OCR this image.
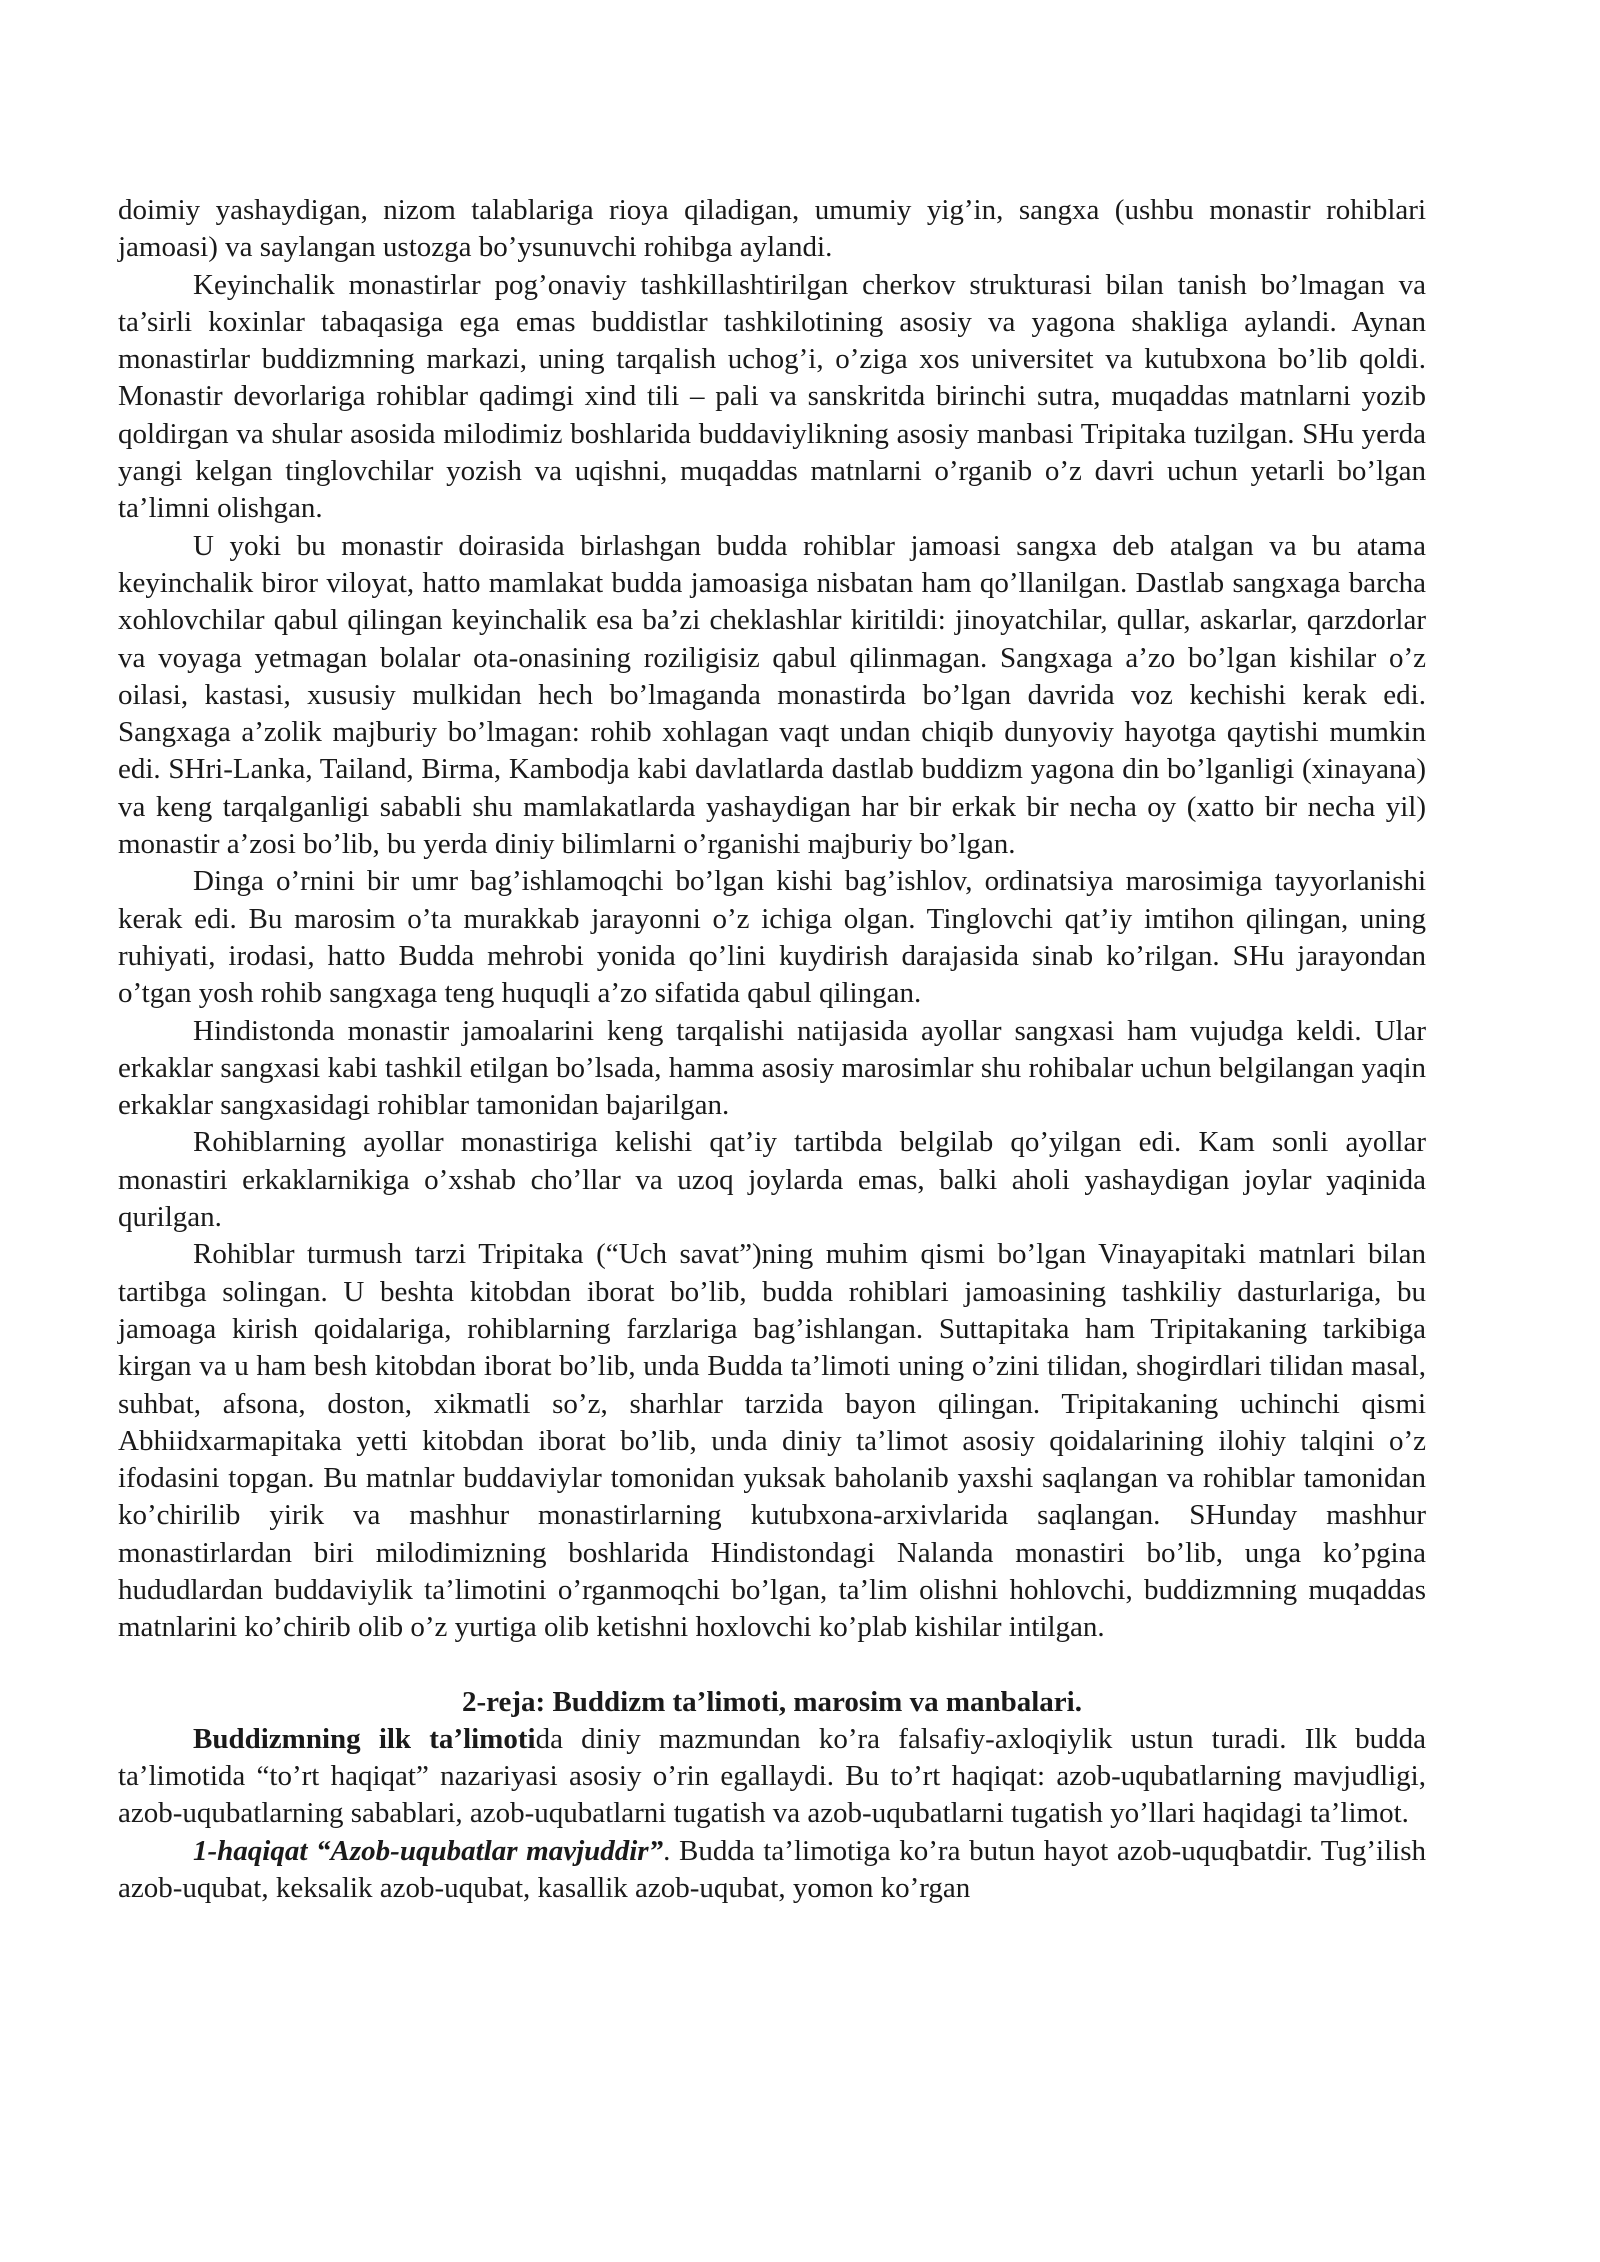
doimiy yashaydigan, nizom talablariga rioya qiladigan, umumiy yig’in, sangxa (ushbu monastir rohiblari jamoasi) va saylangan ustozga bo’ysunuvchi rohibga aylandi.

Keyinchalik monastirlar pog’onaviy tashkillashtirilgan cherkov strukturasi bilan tanish bo’lmagan va ta’sirli koxinlar tabaqasiga ega emas buddistlar tashkilotining asosiy va yagona shakliga aylandi. Aynan monastirlar buddizmning markazi, uning tarqalish uchog’i, o’ziga xos universitet va kutubxona bo’lib qoldi. Monastir devorlariga rohiblar qadimgi xind tili – pali va sanskritda birinchi sutra, muqaddas matnlarni yozib qoldirgan va shular asosida milodimiz boshlarida buddaviylikning asosiy manbasi Tripitaka tuzilgan. SHu yerda yangi kelgan tinglovchilar yozish va uqishni, muqaddas matnlarni o’rganib o’z davri uchun yetarli bo’lgan ta’limni olishgan.

U yoki bu monastir doirasida birlashgan budda rohiblar jamoasi sangxa deb atalgan va bu atama keyinchalik biror viloyat, hatto mamlakat budda jamoasiga nisbatan ham qo’llanilgan. Dastlab sangxaga barcha xohlovchilar qabul qilingan keyinchalik esa ba’zi cheklashlar kiritildi: jinoyatchilar, qullar, askarlar, qarzdorlar va voyaga yetmagan bolalar ota-onasining roziligisiz qabul qilinmagan. Sangxaga a’zo bo’lgan kishilar o’z oilasi, kastasi, xususiy mulkidan hech bo’lmaganda monastirda bo’lgan davrida voz kechishi kerak edi. Sangxaga a’zolik majburiy bo’lmagan: rohib xohlagan vaqt undan chiqib dunyoviy hayotga qaytishi mumkin edi. SHri-Lanka, Tailand, Birma, Kambodja kabi davlatlarda dastlab buddizm yagona din bo’lganligi (xinayana) va keng tarqalganligi sababli shu mamlakatlarda yashaydigan har bir erkak bir necha oy (xatto bir necha yil) monastir a’zosi bo’lib, bu yerda diniy bilimlarni o’rganishi majburiy bo’lgan.

Dinga o’rnini bir umr bag’ishlamoqchi bo’lgan kishi bag’ishlov, ordinatsiya marosimiga tayyorlanishi kerak edi. Bu marosim o’ta murakkab jarayonni o’z ichiga olgan. Tinglovchi qat’iy imtihon qilingan, uning ruhiyati, irodasi, hatto Budda mehrobi yonida qo’lini kuydirish darajasida sinab ko’rilgan. SHu jarayondan o’tgan yosh rohib sangxaga teng huquqli a’zo sifatida qabul qilingan.

Hindistonda monastir jamoalarini keng tarqalishi natijasida ayollar sangxasi ham vujudga keldi. Ular erkaklar sangxasi kabi tashkil etilgan bo’lsada, hamma asosiy marosimlar shu rohibalar uchun belgilangan yaqin erkaklar sangxasidagi rohiblar tamonidan bajarilgan.

Rohiblarning ayollar monastiriga kelishi qat’iy tartibda belgilab qo’yilgan edi. Kam sonli ayollar monastiri erkaklarnikiga o’xshab cho’llar va uzoq joylarda emas, balki aholi yashaydigan joylar yaqinida qurilgan.

Rohiblar turmush tarzi Tripitaka (“Uch savat”)ning muhim qismi bo’lgan Vinayapitaki matnlari bilan tartibga solingan. U beshta kitobdan iborat bo’lib, budda rohiblari jamoasining tashkiliy dasturlariga, bu jamoaga kirish qoidalariga, rohiblarning farzlariga bag’ishlangan. Suttapitaka ham Tripitakaning tarkibiga kirgan va u ham besh kitobdan iborat bo’lib, unda Budda ta’limoti uning o’zini tilidan, shogirdlari tilidan masal, suhbat, afsona, doston, xikmatli so’z, sharhlar tarzida bayon qilingan. Tripitakaning uchinchi qismi Abhiidxarmapitaka yetti kitobdan iborat bo’lib, unda diniy ta’limot asosiy qoidalarining ilohiy talqini o’z ifodasini topgan. Bu matnlar buddaviylar tomonidan yuksak baholanib yaxshi saqlangan va rohiblar tamonidan ko’chirilib yirik va mashhur monastirlarning kutubxona-arxivlarida saqlangan. SHunday mashhur monastirlardan biri milodimizning boshlarida Hindistondagi Nalanda monastiri bo’lib, unga ko’pgina hududlardan buddaviylik ta’limotini o’rganmoqchi bo’lgan, ta’lim olishni hohlovchi, buddizmning muqaddas matnlarini ko’chirib olib o’z yurtiga olib ketishni hoxlovchi ko’plab kishilar intilgan.

2-reja: Buddizm ta’limoti, marosim va manbalari.

Buddizmning ilk ta’limotida diniy mazmundan ko’ra falsafiy-axloqiylik ustun turadi. Ilk budda ta’limotida “to’rt haqiqat” nazariyasi asosiy o’rin egallaydi. Bu to’rt haqiqat: azob-uqubatlarning mavjudligi, azob-uqubatlarning sabablari, azob-uqubatlarni tugatish va azob-uqubatlarni tugatish yo’llari haqidagi ta’limot.

1-haqiqat “Azob-uqubatlar mavjuddir”. Budda ta’limotiga ko’ra butun hayot azob-uquqbatdir. Tug’ilish azob-uqubat, keksalik azob-uqubat, kasallik azob-uqubat, yomon ko’rgan
